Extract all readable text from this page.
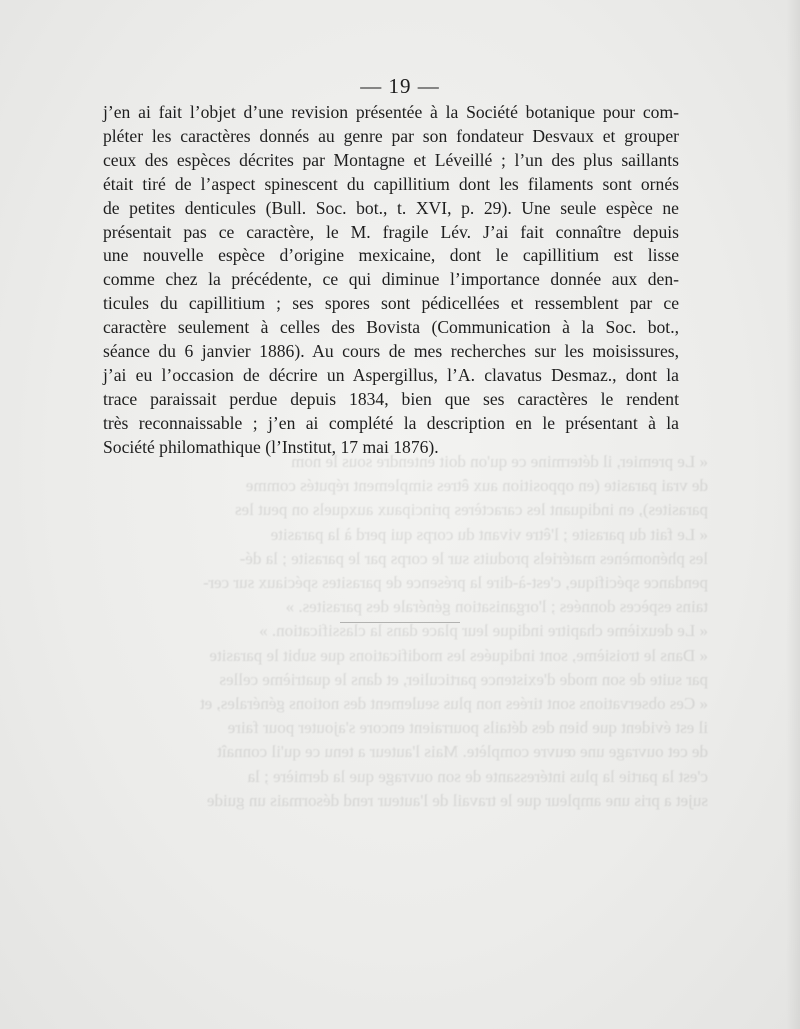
« Le premier, il détermine ce qu'on doit entendre sous le nom
de vrai parasite (en opposition aux êtres simplement réputés comme
parasites), en indiquant les caractères principaux auxquels on peut les
« Le fait du parasite ; l'être vivant du corps qui perd à la parasite
les phénomènes matériels produits sur le corps par le parasite ; la dé-
pendance spécifique, c'est-à-dire la présence de parasites spéciaux sur cer-
tains espèces données ; l'organisation générale des parasites. »
« Le deuxième chapitre indique leur place dans la classification. »
« Dans le troisième, sont indiquées les modifications que subit le parasite
par suite de son mode d'existence particulier, et dans le quatrième celles
« Ces observations sont tirées non plus seulement des notions générales, et
il est évident que bien des détails pourraient encore s'ajouter pour faire
de cet ouvrage une œuvre complète. Mais l'auteur a tenu ce qu'il connaît
c'est la partie la plus intéressante de son ouvrage que la dernière ; la
sujet a pris une ampleur que le travail de l'auteur rend désormais un guide
— 19 —
j’en ai fait l’objet d’une revision présentée à la Société botanique pour com-
pléter les caractères donnés au genre par son fondateur Desvaux et grouper
ceux des espèces décrites par Montagne et Léveillé ; l’un des plus saillants
était tiré de l’aspect spinescent du capillitium dont les filaments sont ornés
de petites denticules (Bull. Soc. bot., t. XVI, p. 29). Une seule espèce ne
présentait pas ce caractère, le M. fragile Lév. J’ai fait connaître depuis
une nouvelle espèce d’origine mexicaine, dont le capillitium est lisse
comme chez la précédente, ce qui diminue l’importance donnée aux den-
ticules du capillitium ; ses spores sont pédicellées et ressemblent par ce
caractère seulement à celles des Bovista (Communication à la Soc. bot.,
séance du 6 janvier 1886). Au cours de mes recherches sur les moisissures,
j’ai eu l’occasion de décrire un Aspergillus, l’A. clavatus Desmaz., dont la
trace paraissait perdue depuis 1834, bien que ses caractères le rendent
très reconnaissable ; j’en ai complété la description en le présentant à la
Société philomathique (l’Institut, 17 mai 1876).
